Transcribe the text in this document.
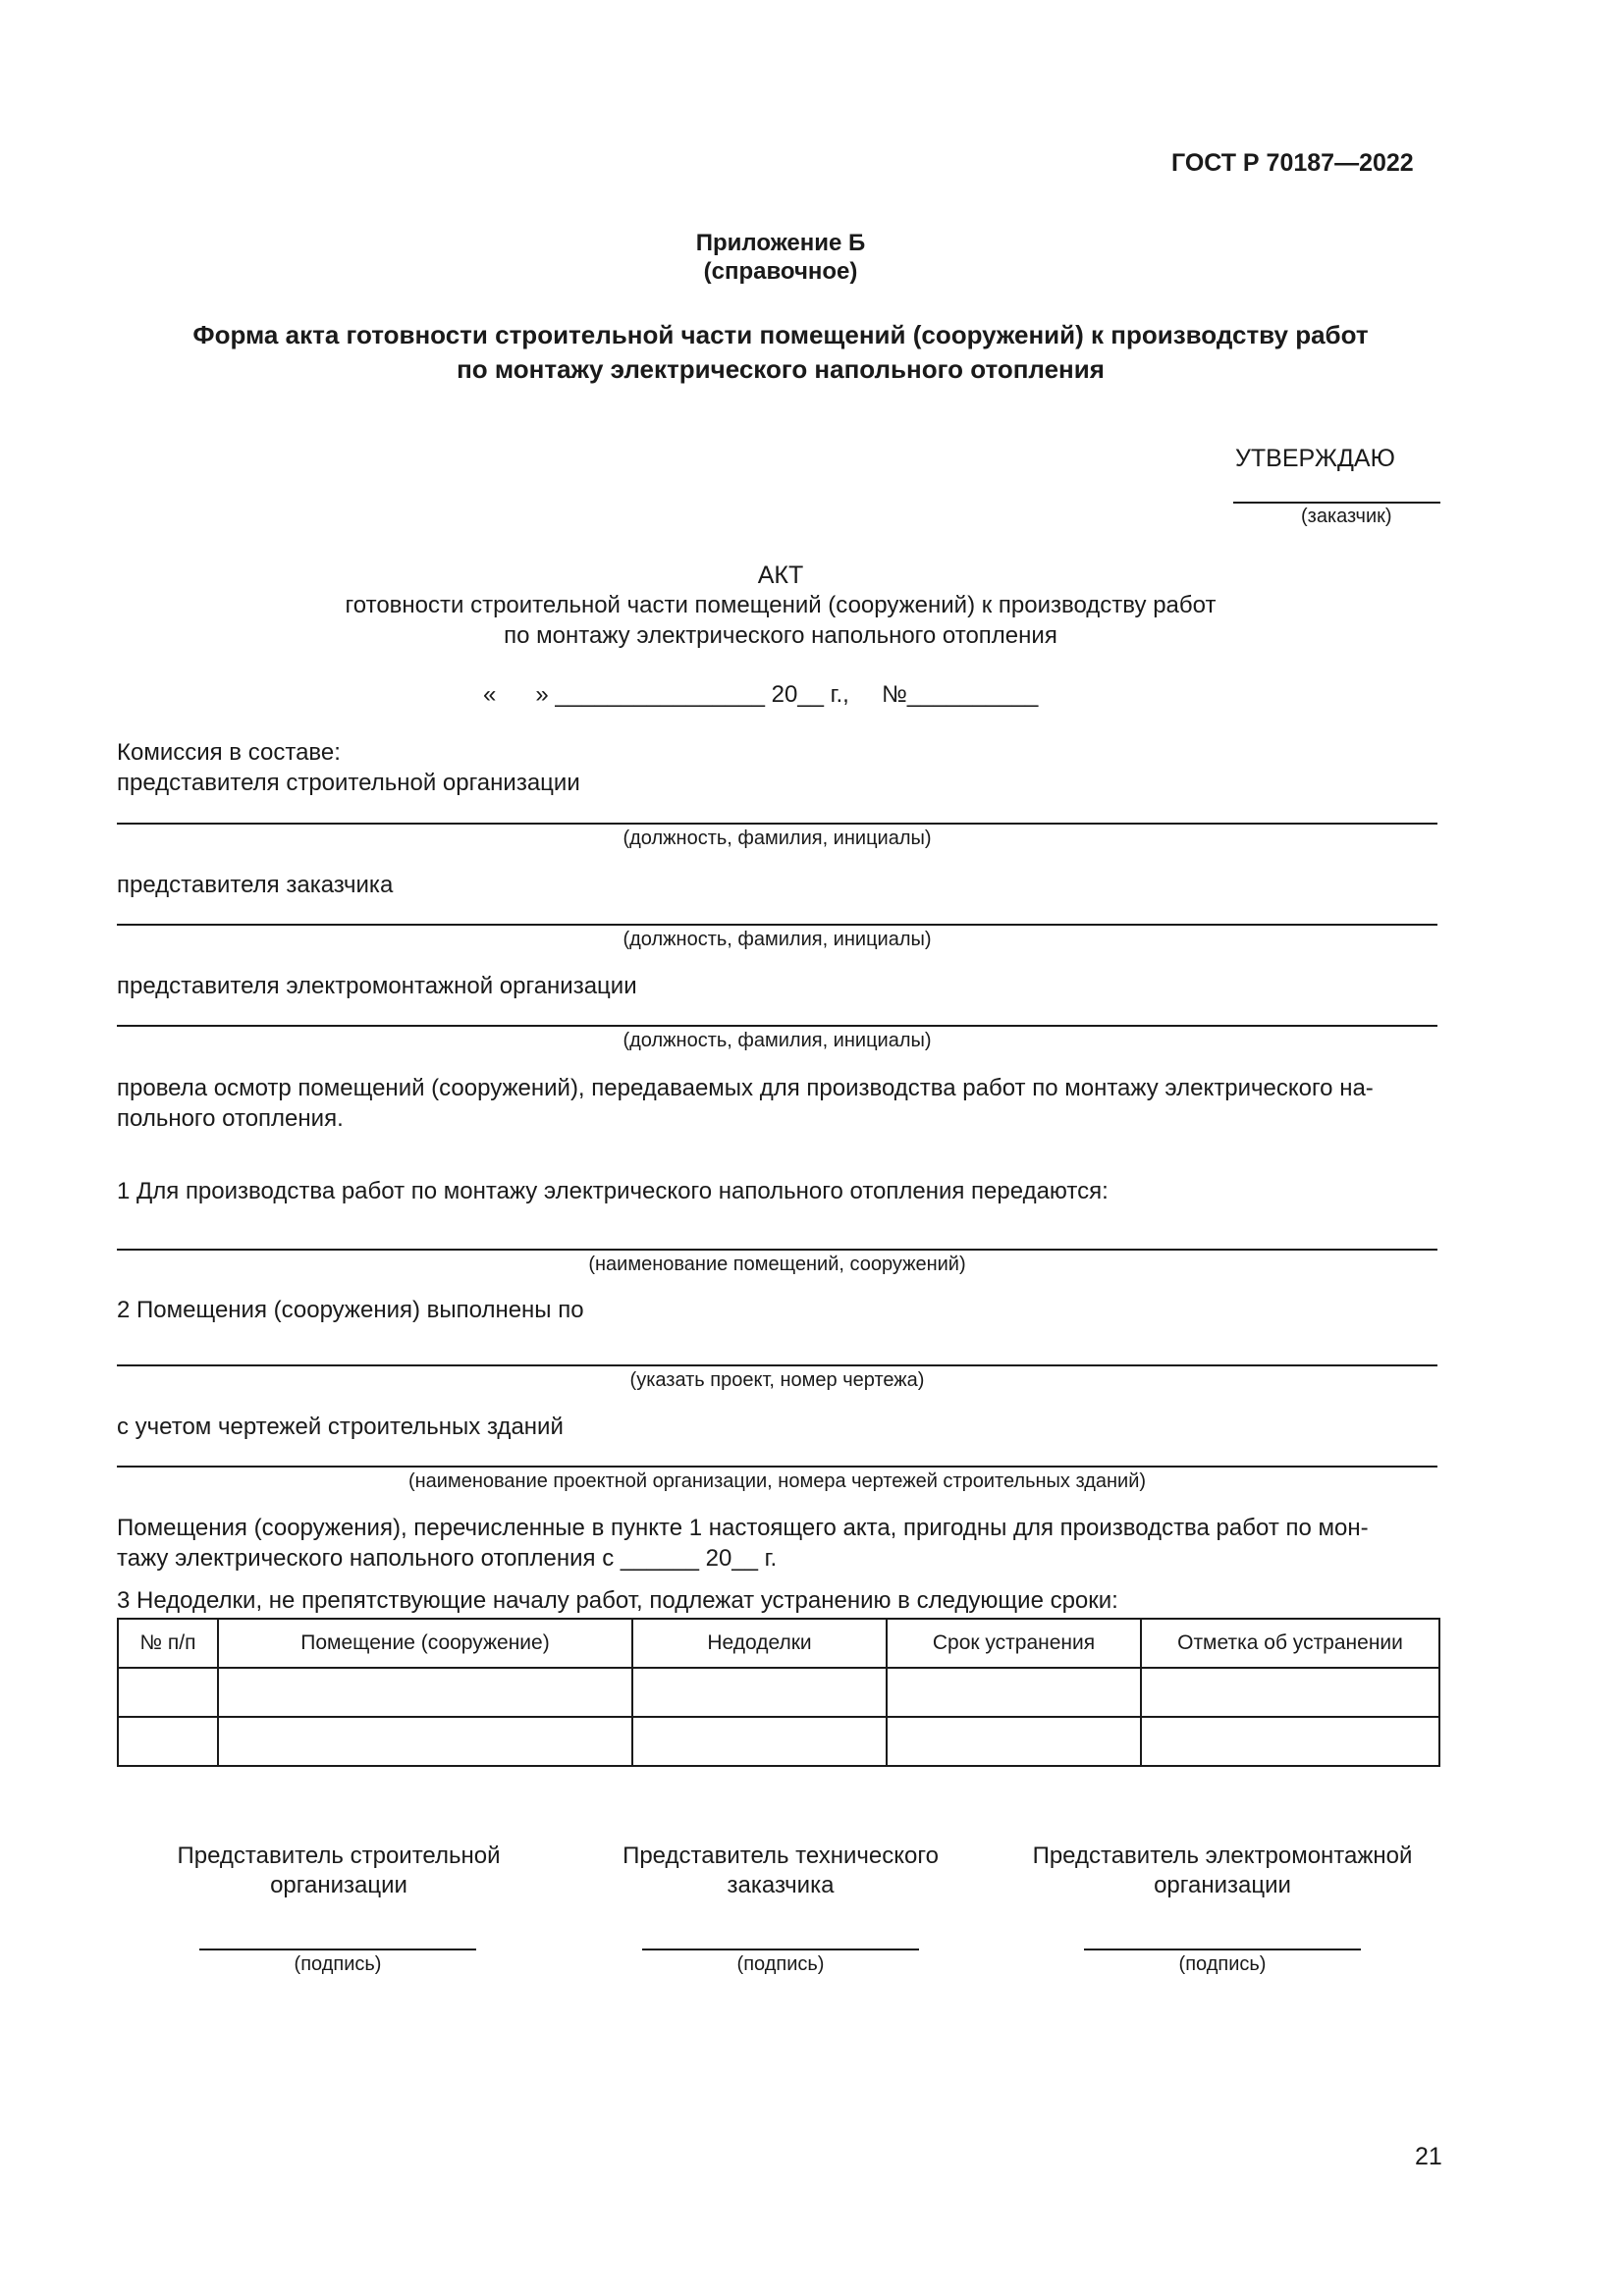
ГОСТ Р 70187—2022
Приложение Б
(справочное)
Форма акта готовности строительной части помещений (сооружений) к производству работ
по монтажу электрического напольного отопления
УТВЕРЖДАЮ
(заказчик)
АКТ
готовности строительной части помещений (сооружений) к производству работ
по монтажу электрического напольного отопления
«      » ________________ 20__ г.,     №__________
Комиссия в составе:
представителя строительной организации
(должность, фамилия, инициалы)
представителя заказчика
(должность, фамилия, инициалы)
представителя электромонтажной организации
(должность, фамилия, инициалы)
провела осмотр помещений (сооружений), передаваемых для производства работ по монтажу электрического на-
польного отопления.
1 Для производства работ по монтажу электрического напольного отопления передаются:
(наименование помещений, сооружений)
2 Помещения (сооружения) выполнены по
(указать проект, номер чертежа)
с учетом чертежей строительных зданий
(наименование проектной организации, номера чертежей строительных зданий)
Помещения (сооружения), перечисленные в пункте 1 настоящего акта, пригодны для производства работ по мон-
тажу электрического напольного отопления с ______ 20__ г.
3 Недоделки, не препятствующие началу работ, подлежат устранению в следующие сроки:
№ п/п	Помещение (сооружение)	Недоделки	Срок устранения	Отметка об устранении

Представитель строительной
организации
(подпись)
Представитель технического
заказчика
(подпись)
Представитель электромонтажной
организации
(подпись)
21
